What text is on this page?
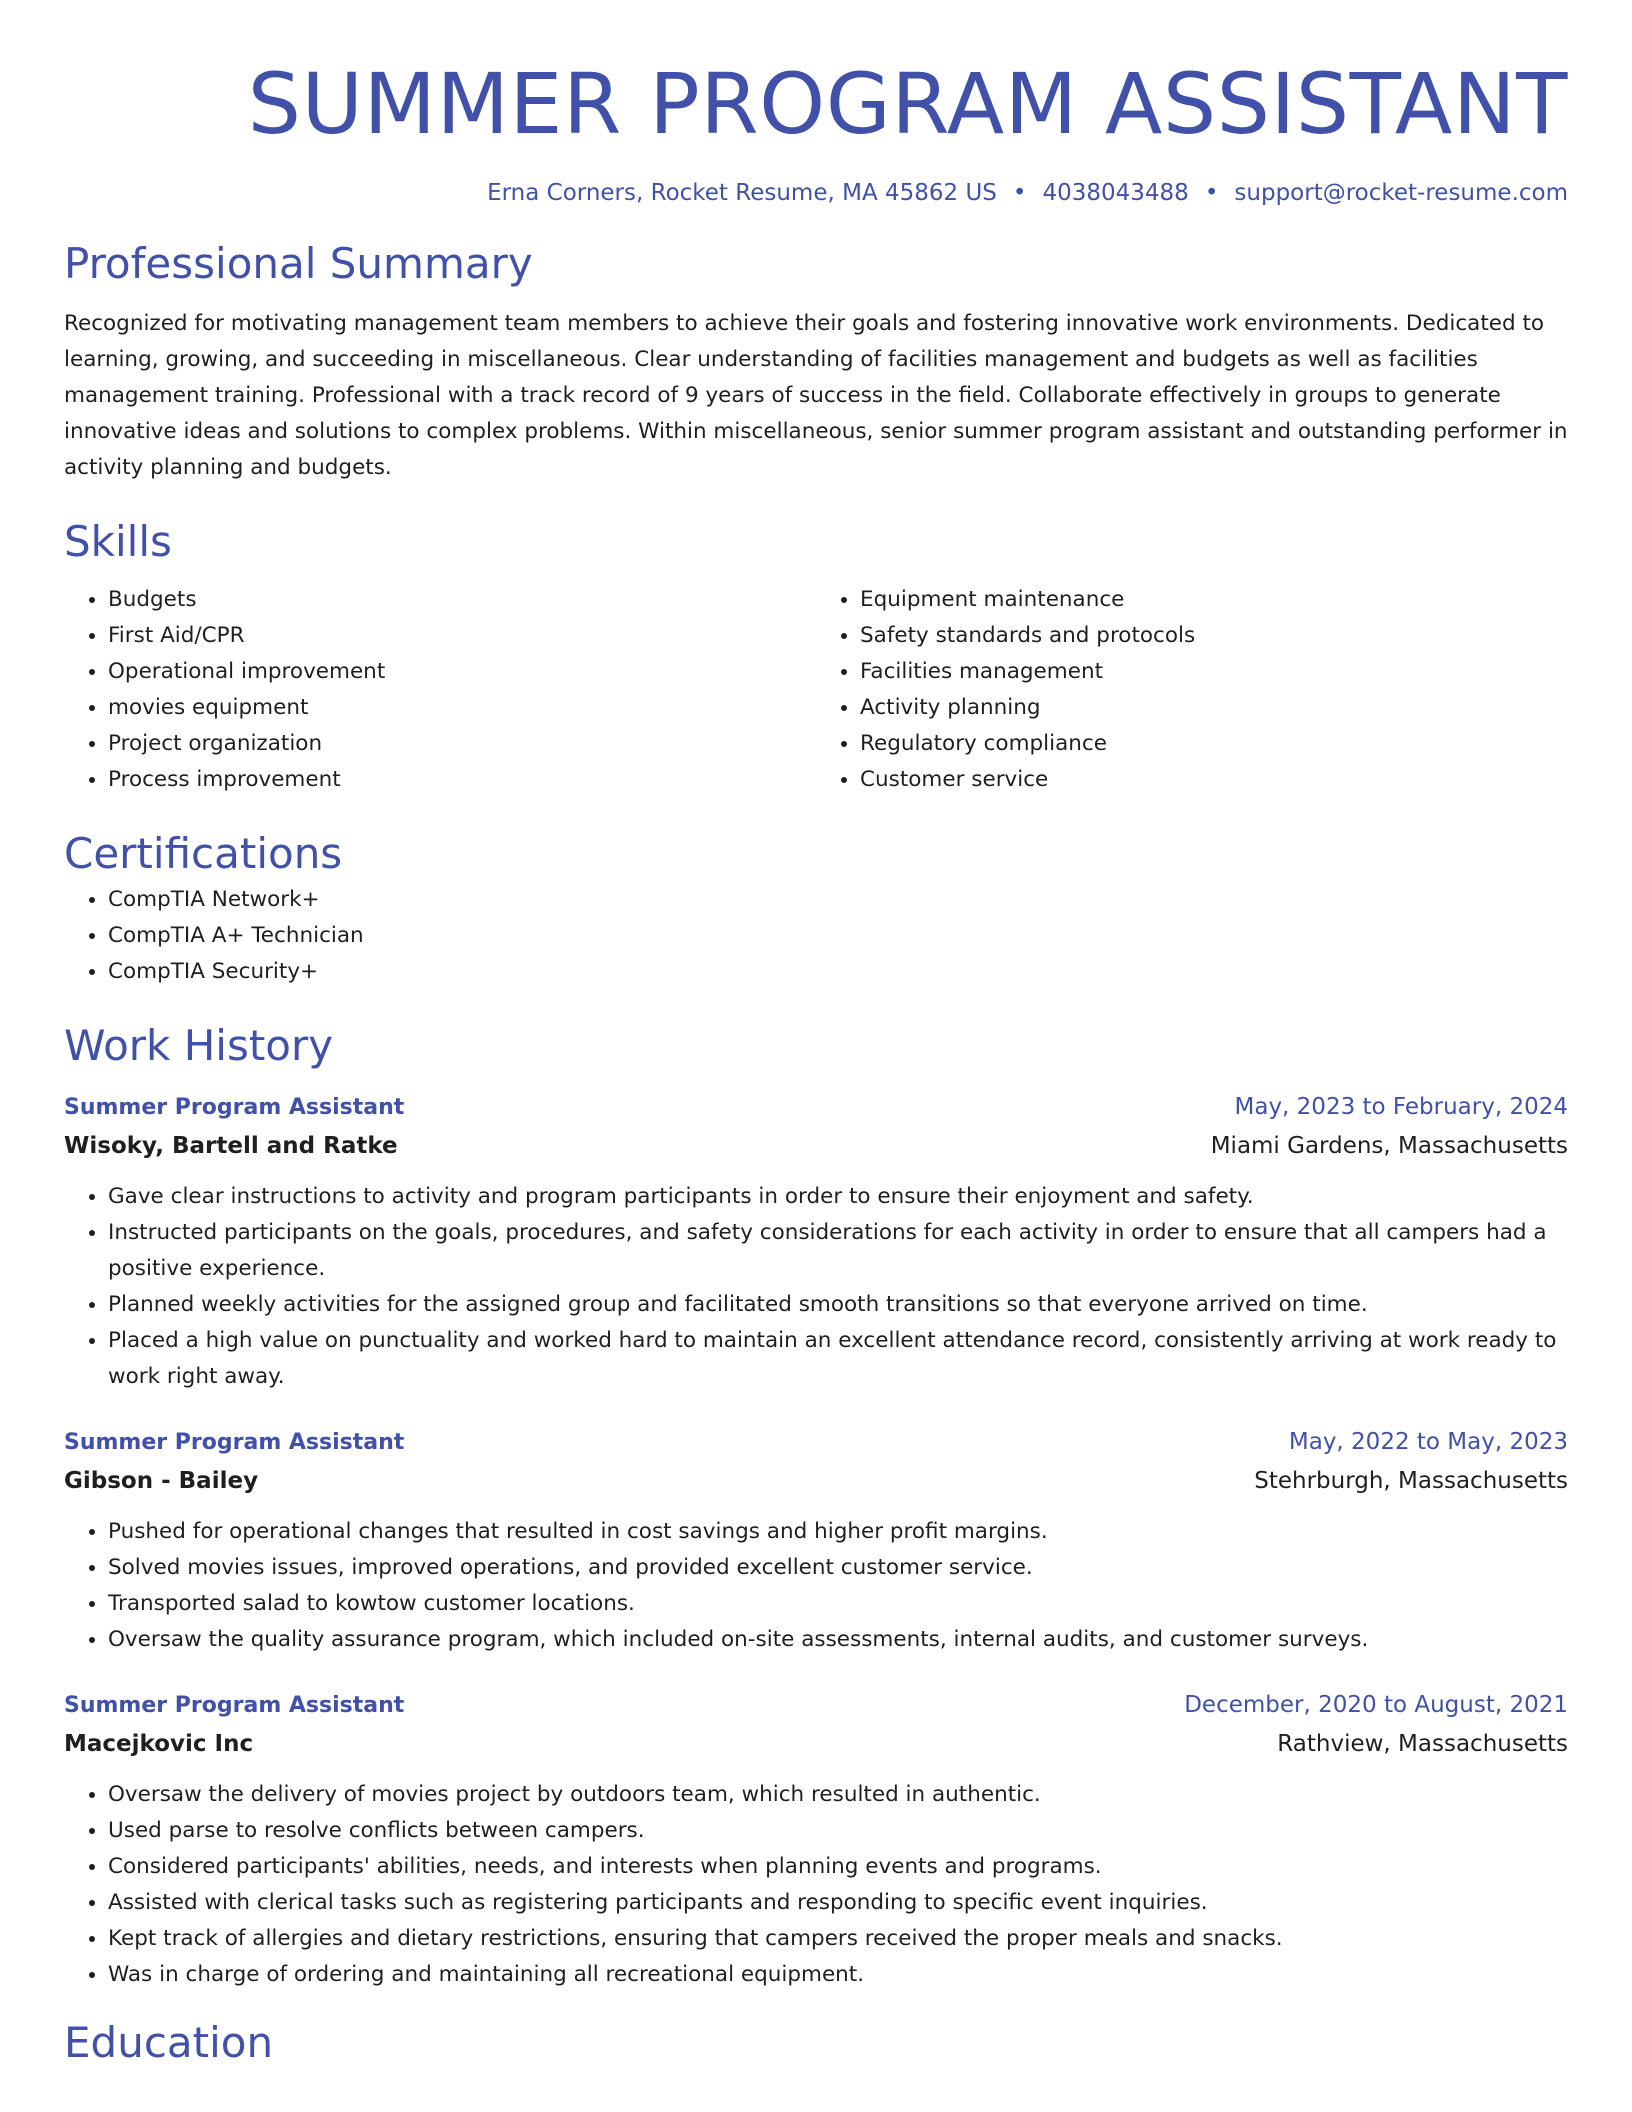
SUMMER PROGRAM ASSISTANT
Erna Corners, Rocket Resume, MA 45862 US • 4038043488 • support@rocket-resume.com
Professional Summary

Recognized for motivating management team members to achieve their goals and fostering innovative work environments. Dedicated to learning, growing, and succeeding in miscellaneous. Clear understanding of facilities management and budgets as well as facilities management training. Professional with a track record of 9 years of success in the field. Collaborate effectively in groups to generate innovative ideas and solutions to complex problems. Within miscellaneous, senior summer program assistant and outstanding performer in activity planning and budgets.

Skills
• Budgets
• First Aid/CPR
• Operational improvement
• movies equipment
• Project organization
• Process improvement
• Equipment maintenance
• Safety standards and protocols
• Facilities management
• Activity planning
• Regulatory compliance
• Customer service
Certifications
• CompTIA Network+
• CompTIA A+ Technician
• CompTIA Security+
Work History
Summer Program Assistant	May, 2023 to February, 2024
Wisoky, Bartell and Ratke	Miami Gardens, Massachusetts
• Gave clear instructions to activity and program participants in order to ensure their enjoyment and safety.
• Instructed participants on the goals, procedures, and safety considerations for each activity in order to ensure that all campers had a positive experience.
• Planned weekly activities for the assigned group and facilitated smooth transitions so that everyone arrived on time.
• Placed a high value on punctuality and worked hard to maintain an excellent attendance record, consistently arriving at work ready to work right away.
Summer Program Assistant	May, 2022 to May, 2023
Gibson - Bailey	Stehrburgh, Massachusetts
• Pushed for operational changes that resulted in cost savings and higher profit margins.
• Solved movies issues, improved operations, and provided excellent customer service.
• Transported salad to kowtow customer locations.
• Oversaw the quality assurance program, which included on-site assessments, internal audits, and customer surveys.
Summer Program Assistant	December, 2020 to August, 2021
Macejkovic Inc	Rathview, Massachusetts
• Oversaw the delivery of movies project by outdoors team, which resulted in authentic.
• Used parse to resolve conflicts between campers.
• Considered participants' abilities, needs, and interests when planning events and programs.
• Assisted with clerical tasks such as registering participants and responding to specific event inquiries.
• Kept track of allergies and dietary restrictions, ensuring that campers received the proper meals and snacks.
• Was in charge of ordering and maintaining all recreational equipment.
Education
